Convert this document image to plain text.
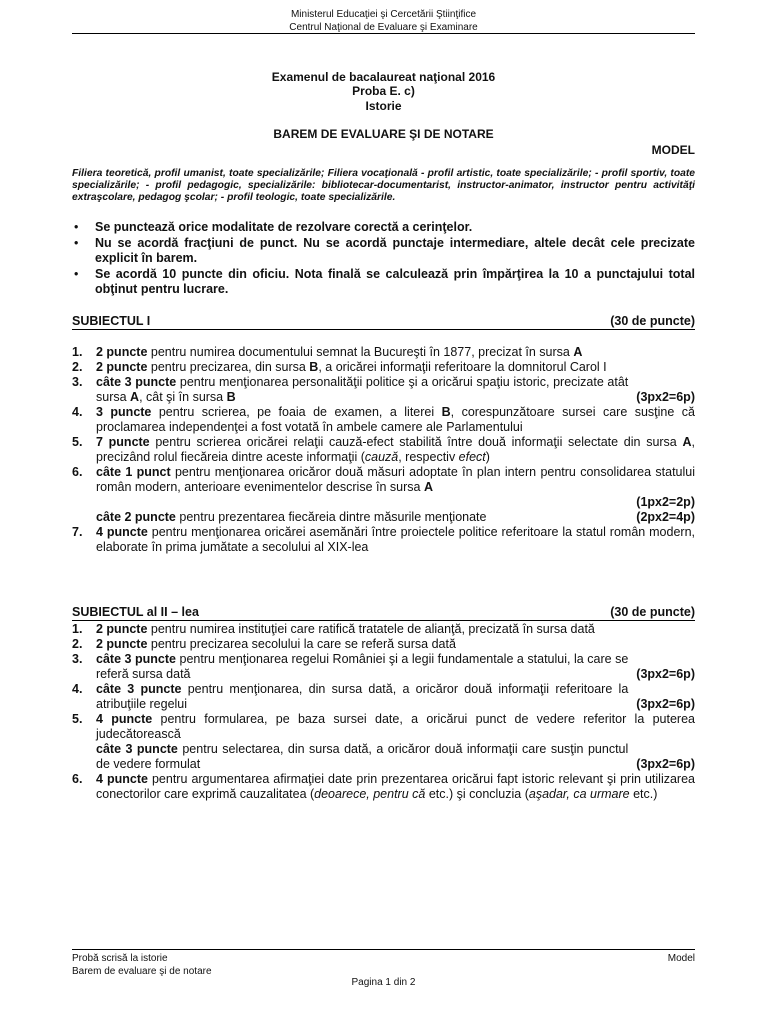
Ministerul Educaţiei şi Cercetării Ştiinţifice
Centrul Naţional de Evaluare şi Examinare
Examenul de bacalaureat naţional 2016
Proba E. c)
Istorie
BAREM DE EVALUARE ŞI DE NOTARE
MODEL
Filiera teoretică, profil umanist, toate specializările; Filiera vocaţională - profil artistic, toate specializările; - profil sportiv, toate specializările; - profil pedagogic, specializările: bibliotecar-documentarist, instructor-animator, instructor pentru activităţi extraşcolare, pedagog şcolar; - profil teologic, toate specializările.
• Se punctează orice modalitate de rezolvare corectă a cerinţelor.
• Nu se acordă fracţiuni de punct. Nu se acordă punctaje intermediare, altele decât cele precizate explicit în barem.
• Se acordă 10 puncte din oficiu. Nota finală se calculează prin împărţirea la 10 a punctajului total obţinut pentru lucrare.
SUBIECTUL I	(30 de puncte)
1. 2 puncte pentru numirea documentului semnat la Bucureşti în 1877, precizat în sursa A
2. 2 puncte pentru precizarea, din sursa B, a oricărei informaţii referitoare la domnitorul Carol I
3. câte 3 puncte pentru menţionarea personalităţii politice şi a oricărui spaţiu istoric, precizate atât sursa A, cât şi în sursa B	(3px2=6p)
4. 3 puncte pentru scrierea, pe foaia de examen, a literei B, corespunzătoare sursei care susţine că proclamarea independenţei a fost votată în ambele camere ale Parlamentului
5. 7 puncte pentru scrierea oricărei relaţii cauză-efect stabilită între două informaţii selectate din sursa A, precizând rolul fiecăreia dintre aceste informaţii (cauză, respectiv efect)
6. câte 1 punct pentru menţionarea oricăror două măsuri adoptate în plan intern pentru consolidarea statului român modern, anterioare evenimentelor descrise în sursa A
(1px2=2p)
câte 2 puncte pentru prezentarea fiecăreia dintre măsurile menţionate	(2px2=4p)
7. 4 puncte pentru menţionarea oricărei asemănări între proiectele politice referitoare la statul român modern, elaborate în prima jumătate a secolului al XIX-lea
SUBIECTUL al II – lea	(30 de puncte)
1. 2 puncte pentru numirea instituţiei care ratifică tratatele de alianţă, precizată în sursa dată
2. 2 puncte pentru precizarea secolului la care se referă sursa dată
3. câte 3 puncte pentru menţionarea regelui României şi a legii fundamentale a statului, la care se referă sursa dată	(3px2=6p)
4. câte 3 puncte pentru menţionarea, din sursa dată, a oricăror două informaţii referitoare la atribuţiile regelui	(3px2=6p)
5. 4 puncte pentru formularea, pe baza sursei date, a oricărui punct de vedere referitor la puterea judecătorească
câte 3 puncte pentru selectarea, din sursa dată, a oricăror două informaţii care susţin punctul de vedere formulat	(3px2=6p)
6. 4 puncte pentru argumentarea afirmaţiei date prin prezentarea oricărui fapt istoric relevant şi prin utilizarea conectorilor care exprimă cauzalitatea (deoarece, pentru că etc.) şi concluzia (aşadar, ca urmare etc.)
Probă scrisă la istorie
Barem de evaluare şi de notare
Model
Pagina 1 din 2
